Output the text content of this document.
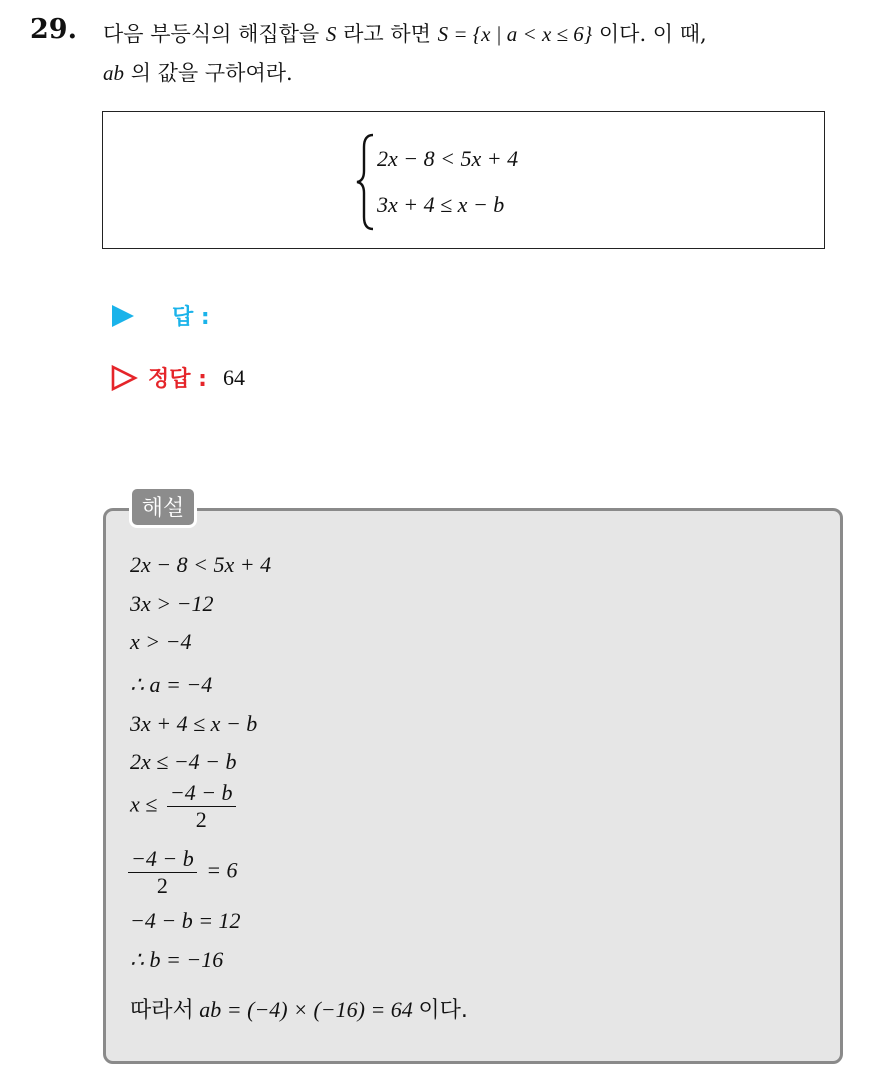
29. 다음 부등식의 해집합을 S 라고 하면 S = {x | a < x ≤ 6} 이다. 이 때,
ab 의 값을 구하여라.
2x − 8 < 5x + 4
3x + 4 ≤ x − b
답 :
정답 : 64
해설
2x − 8 < 5x + 4
3x > −12
x > −4
∴ a = −4
3x + 4 ≤ x − b
2x ≤ −4 − b
$x \le \frac{-4 - b}{2}$
$\frac{-4 - b}{2} = 6$
−4 − b = 12
∴ b = −16
따라서 ab = (−4) × (−16) = 64 이다.
